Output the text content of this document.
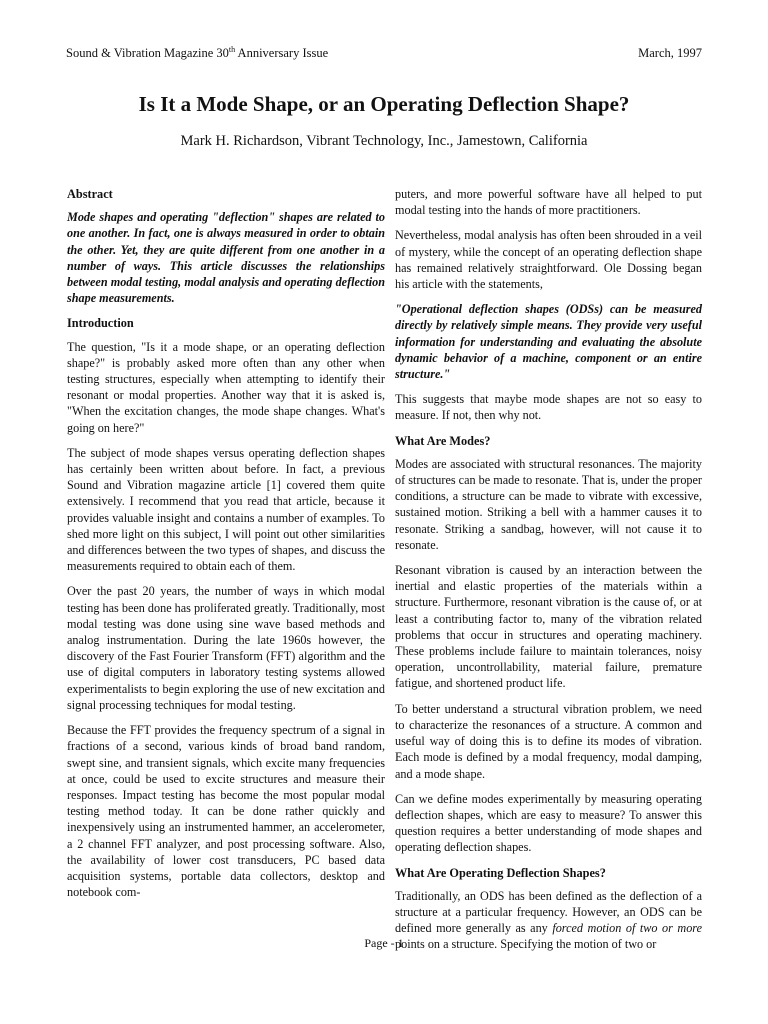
Sound & Vibration Magazine 30th Anniversary Issue	March, 1997
Is It a Mode Shape, or an Operating Deflection Shape?
Mark H. Richardson, Vibrant Technology, Inc., Jamestown, California
Abstract

Mode shapes and operating "deflection" shapes are related to one another. In fact, one is always measured in order to obtain the other. Yet, they are quite different from one another in a number of ways. This article discusses the relationships between modal testing, modal analysis and operating deflection shape measurements.

Introduction

The question, "Is it a mode shape, or an operating deflection shape?" is probably asked more often than any other when testing structures, especially when attempting to identify their resonant or modal properties. Another way that it is asked is, "When the excitation changes, the mode shape changes. What's going on here?"

The subject of mode shapes versus operating deflection shapes has certainly been written about before. In fact, a previous Sound and Vibration magazine article [1] covered them quite extensively. I recommend that you read that article, because it provides valuable insight and contains a number of examples. To shed more light on this subject, I will point out other similarities and differences between the two types of shapes, and discuss the measurements required to obtain each of them.

Over the past 20 years, the number of ways in which modal testing has been done has proliferated greatly. Traditionally, most modal testing was done using sine wave based methods and analog instrumentation. During the late 1960s however, the discovery of the Fast Fourier Transform (FFT) algorithm and the use of digital computers in laboratory testing systems allowed experimentalists to begin exploring the use of new excitation and signal processing techniques for modal testing.

Because the FFT provides the frequency spectrum of a signal in fractions of a second, various kinds of broad band random, swept sine, and transient signals, which excite many frequencies at once, could be used to excite structures and measure their responses. Impact testing has become the most popular modal testing method today. It can be done rather quickly and inexpensively using an instrumented hammer, an accelerometer, a 2 channel FFT analyzer, and post processing software. Also, the availability of lower cost transducers, PC based data acquisition systems, portable data collectors, desktop and notebook com-

puters, and more powerful software have all helped to put modal testing into the hands of more practitioners.

Nevertheless, modal analysis has often been shrouded in a veil of mystery, while the concept of an operating deflection shape has remained relatively straightforward. Ole Dossing began his article with the statements,

"Operational deflection shapes (ODSs) can be measured directly by relatively simple means. They provide very useful information for understanding and evaluating the absolute dynamic behavior of a machine, component or an entire structure."

This suggests that maybe mode shapes are not so easy to measure. If not, then why not.

What Are Modes?

Modes are associated with structural resonances. The majority of structures can be made to resonate. That is, under the proper conditions, a structure can be made to vibrate with excessive, sustained motion. Striking a bell with a hammer causes it to resonate. Striking a sandbag, however, will not cause it to resonate.

Resonant vibration is caused by an interaction between the inertial and elastic properties of the materials within a structure. Furthermore, resonant vibration is the cause of, or at least a contributing factor to, many of the vibration related problems that occur in structures and operating machinery. These problems include failure to maintain tolerances, noisy operation, uncontrollability, material failure, premature fatigue, and shortened product life.

To better understand a structural vibration problem, we need to characterize the resonances of a structure. A common and useful way of doing this is to define its modes of vibration. Each mode is defined by a modal frequency, modal damping, and a mode shape.

Can we define modes experimentally by measuring operating deflection shapes, which are easy to measure? To answer this question requires a better understanding of mode shapes and operating deflection shapes.

What Are Operating Deflection Shapes?

Traditionally, an ODS has been defined as the deflection of a structure at a particular frequency. However, an ODS can be defined more generally as any forced motion of two or more points on a structure. Specifying the motion of two or

Page - 1
